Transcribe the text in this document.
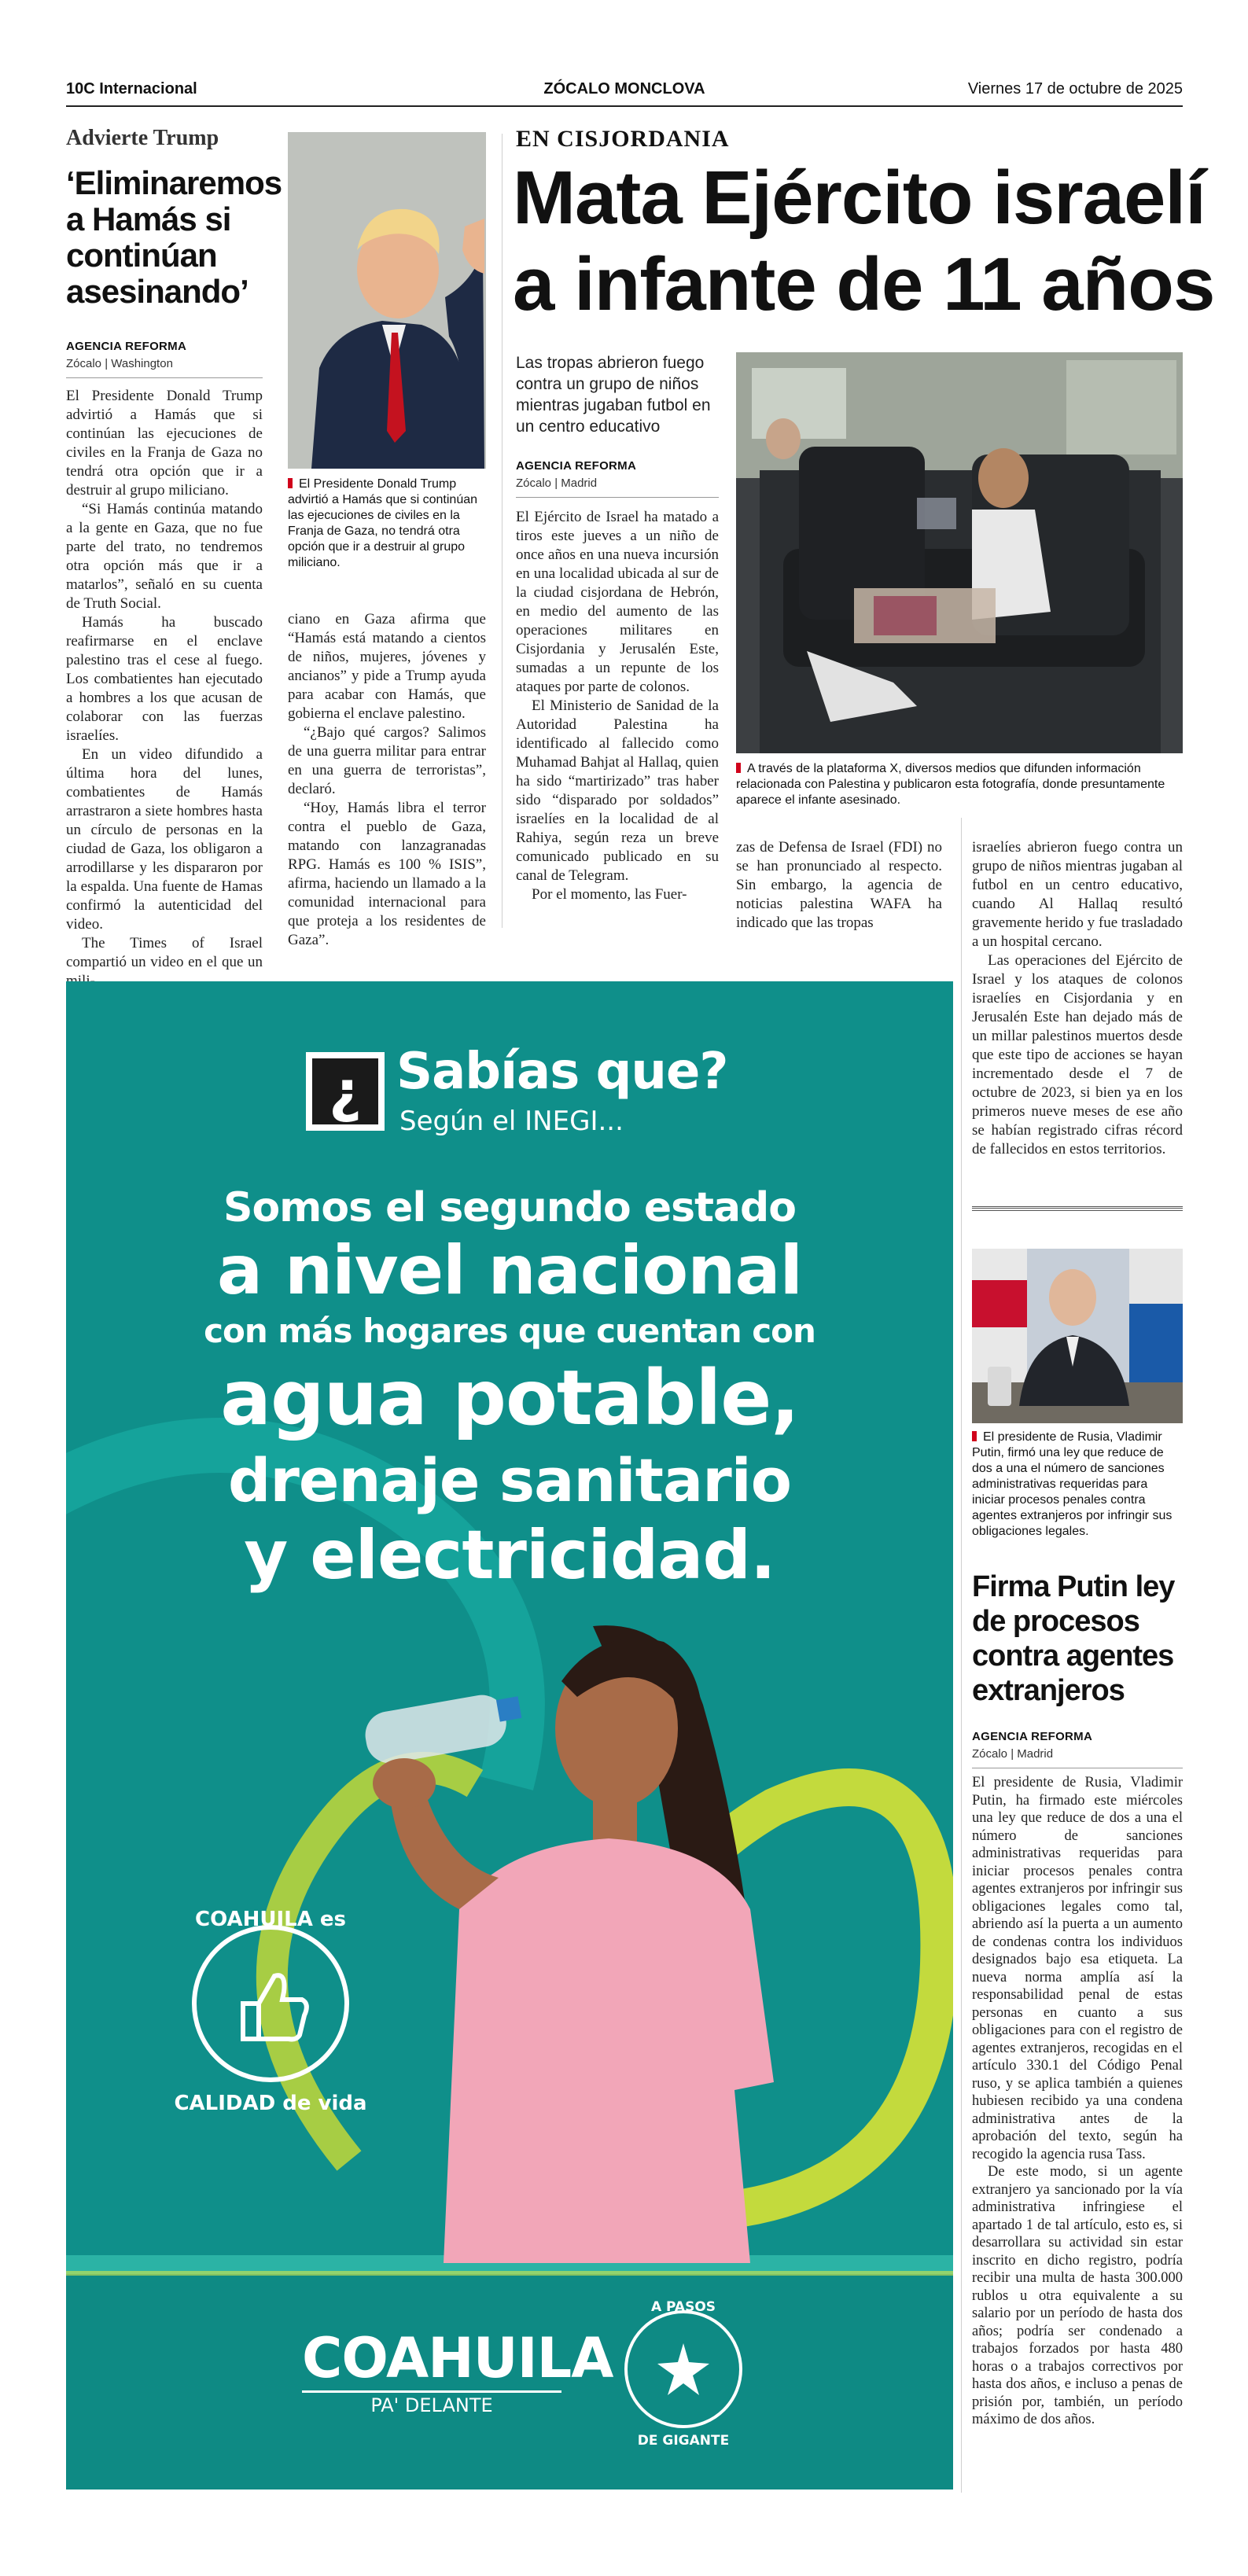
10C Internacional	ZÓCALO MONCLOVA	Viernes 17 de octubre de 2025
Advierte Trump
‘Eliminaremos a Hamás si continúan asesinando’
AGENCIA REFORMA
Zócalo | Washington
El Presidente Donald Trump advirtió a Hamás que si continúan las ejecuciones de civiles en la Franja de Gaza, no tendrá otra opción que ir a destruir al grupo miliciano.

El Presidente Donald Trump advirtió a Hamás que si continúan las ejecuciones de civiles en la Franja de Gaza no tendrá otra opción que ir a destruir al grupo miliciano.

“Si Hamás continúa matando a la gente en Gaza, que no fue parte del trato, no tendremos otra opción más que ir a matarlos”, señaló en su cuenta de Truth Social.

Hamás ha buscado reafirmarse en el enclave palestino tras el cese al fuego. Los combatientes han ejecutado a hombres a los que acusan de colaborar con las fuerzas israelíes.

En un video difundido a última hora del lunes, combatientes de Hamás arrastraron a siete hombres hasta un círculo de personas en la ciudad de Gaza, los obligaron a arrodillarse y les dispararon por la espalda. Una fuente de Hamas confirmó la autenticidad del video.

The Times of Israel compartió un video en el que un

ciano en Gaza afirma que “Hamás está matando a cientos de niños, mujeres, jóvenes y ancianos” y pide a Trump ayuda para acabar con Hamás, que gobierna el enclave palestino.

“¿Bajo qué cargos? Salimos de una guerra militar para entrar en una guerra de terroristas”, declaró.

“Hoy, Hamás libra el terror contra el pueblo de Gaza, matando con lanzagranadas RPG. Hamás es 100 % ISIS”, afirma, haciendo un llamado a la comunidad internacional para que proteja a los residentes de Gaza”.

EN CISJORDANIA
Mata Ejército israelí
a infante de 11 años
Las tropas abrieron fuego contra un grupo de niños mientras jugaban futbol en un centro educativo
AGENCIA REFORMA
Zócalo | Madrid
A través de la plataforma X, diversos medios que difunden información relacionada con Palestina y publicaron esta fotografía, donde presuntamente aparece el infante asesinado.

El Ejército de Israel ha matado a tiros este jueves a un niño de once años en una nueva incursión en una localidad ubicada al sur de la ciudad cisjordana de Hebrón, en medio del aumento de las operaciones militares en Cisjordania y Jerusalén Este, sumadas a un repunte de los ataques por parte de colonos.

El Ministerio de Sanidad de la Autoridad Palestina ha identificado al fallecido como Muhamad Bahjat al Hallaq, quien ha sido “martirizado” tras haber sido “disparado por soldados” israelíes en la localidad de al Rahiya, según reza un breve comunicado publicado en su canal de Telegram.

Por el momento, las Fuer-

zas de Defensa de Israel (FDI) no se han pronunciado al respecto. Sin embargo, la agencia de noticias palestina WAFA ha indicado que las tropas

israelíes abrieron fuego contra un grupo de niños mientras jugaban al futbol en un centro educativo, cuando Al Hallaq resultó gravemente herido y fue trasladado a un hospital cercano.

Las operaciones del Ejército de Israel y los ataques de colonos israelíes en Cisjordania y en Jerusalén Este han dejado más de un millar palestinos muertos desde que este tipo de acciones se hayan incrementado desde el 7 de octubre de 2023, si bien ya en los primeros nueve meses de ese año se habían registrado cifras récord de fallecidos en estos territorios.

El presidente de Rusia, Vladimir Putin, firmó una ley que reduce de dos a una el número de sanciones administrativas requeridas para iniciar procesos penales contra agentes extranjeros por infringir sus obligaciones legales.
Firma Putin ley de procesos contra agentes extranjeros
AGENCIA REFORMA
Zócalo | Madrid

El presidente de Rusia, Vladimir Putin, ha firmado este miércoles una ley que reduce de dos a una el número de sanciones administrativas requeridas para iniciar procesos penales contra agentes extranjeros por infringir sus obligaciones legales como tal, abriendo así la puerta a un aumento de condenas contra los individuos designados bajo esa etiqueta. La nueva norma amplía así la responsabilidad penal de estas personas en cuanto a sus obligaciones para con el registro de agentes extranjeros, recogidas en el artículo 330.1 del Código Penal ruso, y se aplica también a quienes hubiesen recibido ya una condena administrativa antes de la aprobación del texto, según ha recogido la agencia rusa Tass.

De este modo, si un agente extranjero ya sancionado por la vía administrativa infringiese el apartado 1 de tal artículo, esto es, si desarrollara su actividad sin estar inscrito en dicho registro, podría recibir una multa de hasta 300.000 rublos u otra equivalente a su salario por un período de hasta dos años; podría ser condenado a trabajos forzados por hasta 480 horas o a trabajos correctivos por hasta dos años, e incluso a penas de prisión por, también, un período máximo de dos años.

¿ Sabías que?
Según el INEGI...
Somos el segundo estado
a nivel nacional
con más hogares que cuentan con
agua potable,
drenaje sanitario
y electricidad.
COAHUILA es
CALIDAD de vida
COAHUILA
PA' DELANTE
A PASOS
DE GIGANTE
